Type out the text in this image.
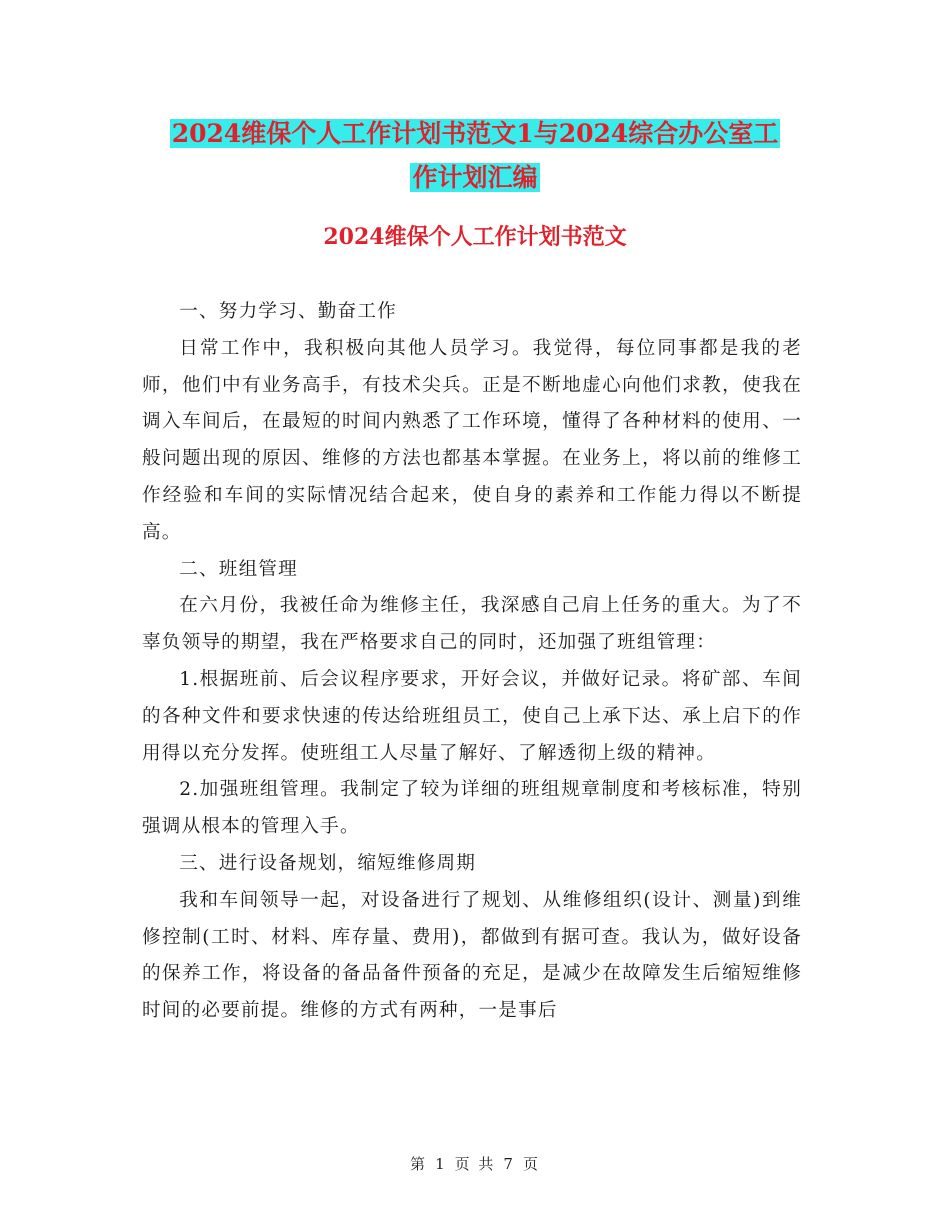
2024维保个人工作计划书范文1与2024综合办公室工
作计划汇编
2024维保个人工作计划书范文

一、努力学习、勤奋工作

日常工作中，我积极向其他人员学习。我觉得，每位同事都是我的老师，他们中有业务高手，有技术尖兵。正是不断地虚心向他们求教，使我在调入车间后，在最短的时间内熟悉了工作环境，懂得了各种材料的使用、一般问题出现的原因、维修的方法也都基本掌握。在业务上，将以前的维修工作经验和车间的实际情况结合起来，使自身的素养和工作能力得以不断提高。

二、班组管理

在六月份，我被任命为维修主任，我深感自己肩上任务的重大。为了不辜负领导的期望，我在严格要求自己的同时，还加强了班组管理：

1.根据班前、后会议程序要求，开好会议，并做好记录。将矿部、车间的各种文件和要求快速的传达给班组员工，使自己上承下达、承上启下的作用得以充分发挥。使班组工人尽量了解好、了解透彻上级的精神。

2.加强班组管理。我制定了较为详细的班组规章制度和考核标准，特别强调从根本的管理入手。

三、进行设备规划，缩短维修周期

我和车间领导一起，对设备进行了规划、从维修组织(设计、测量)到维修控制(工时、材料、库存量、费用)，都做到有据可查。我认为，做好设备的保养工作，将设备的备品备件预备的充足，是减少在故障发生后缩短维修时间的必要前提。维修的方式有两种，一是事后

第 1 页 共 7 页
